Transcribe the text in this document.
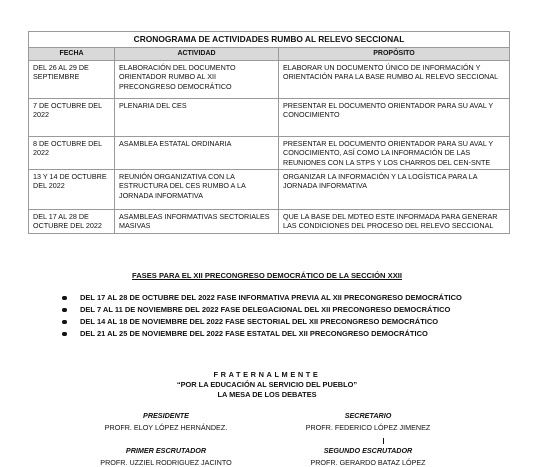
CRONOGRAMA DE ACTIVIDADES RUMBO AL RELEVO SECCIONAL		
FECHA	ACTIVIDAD	PROPÓSITO
DEL 26 AL 29 DE SEPTIEMBRE	ELABORACIÓN DEL DOCUMENTO ORIENTADOR RUMBO AL XII PRECONGRESO DEMOCRÁTICO	ELABORAR UN DOCUMENTO ÚNICO DE INFORMACIÓN Y ORIENTACIÓN PARA LA BASE RUMBO AL RELEVO SECCIONAL
7 DE OCTUBRE DEL 2022	PLENARIA DEL CES	PRESENTAR EL DOCUMENTO ORIENTADOR PARA SU AVAL Y CONOCIMIENTO
8 DE OCTUBRE DEL 2022	ASAMBLEA ESTATAL ORDINARIA	PRESENTAR EL DOCUMENTO ORIENTADOR PARA SU AVAL Y CONOCIMIENTO, ASÍ COMO LA INFORMACIÓN DE LAS REUNIONES CON LA STPS Y LOS CHARROS DEL CEN-SNTE
13 Y 14 DE OCTUBRE DEL 2022	REUNIÓN ORGANIZATIVA CON LA ESTRUCTURA DEL CES RUMBO A LA JORNADA INFORMATIVA	ORGANIZAR LA INFORMACIÓN Y LA LOGÍSTICA PARA LA JORNADA INFORMATIVA
DEL 17 AL 28 DE OCTUBRE DEL 2022	ASAMBLEAS INFORMATIVAS SECTORIALES MASIVAS	QUE LA BASE DEL MDTEO ESTE INFORMADA PARA GENERAR LAS CONDICIONES DEL PROCESO DEL RELEVO SECCIONAL
FASES PARA EL XII PRECONGRESO DEMOCRÁTICO DE LA SECCIÓN XXII
DEL 17 AL 28 DE OCTUBRE DEL 2022 FASE INFORMATIVA PREVIA AL XII PRECONGRESO DEMOCRÁTICO
DEL 7 AL 11 DE NOVIEMBRE DEL 2022 FASE DELEGACIONAL DEL XII PRECONGRESO DEMOCRÁTICO
DEL 14 AL 18 DE NOVIEMBRE DEL 2022 FASE SECTORIAL DEL XII PRECONGRESO DEMOCRÁTICO
DEL 21 AL 25 DE NOVIEMBRE DEL 2022 FASE ESTATAL DEL XII PRECONGRESO DEMOCRÁTICO
FRATERNALMENTE
“POR LA EDUCACIÓN AL SERVICIO DEL PUEBLO”
LA MESA DE LOS DEBATES
PRESIDENTE
PROFR. ELOY LÓPEZ HERNÁNDEZ.
SECRETARIO
PROFR. FEDERICO LÓPEZ JIMENEZ
PRIMER ESCRUTADOR
PROFR. UZZIEL RODRIGUEZ JACINTO
SEGUNDO ESCRUTADOR
PROFR. GERARDO BATAZ LÓPEZ
